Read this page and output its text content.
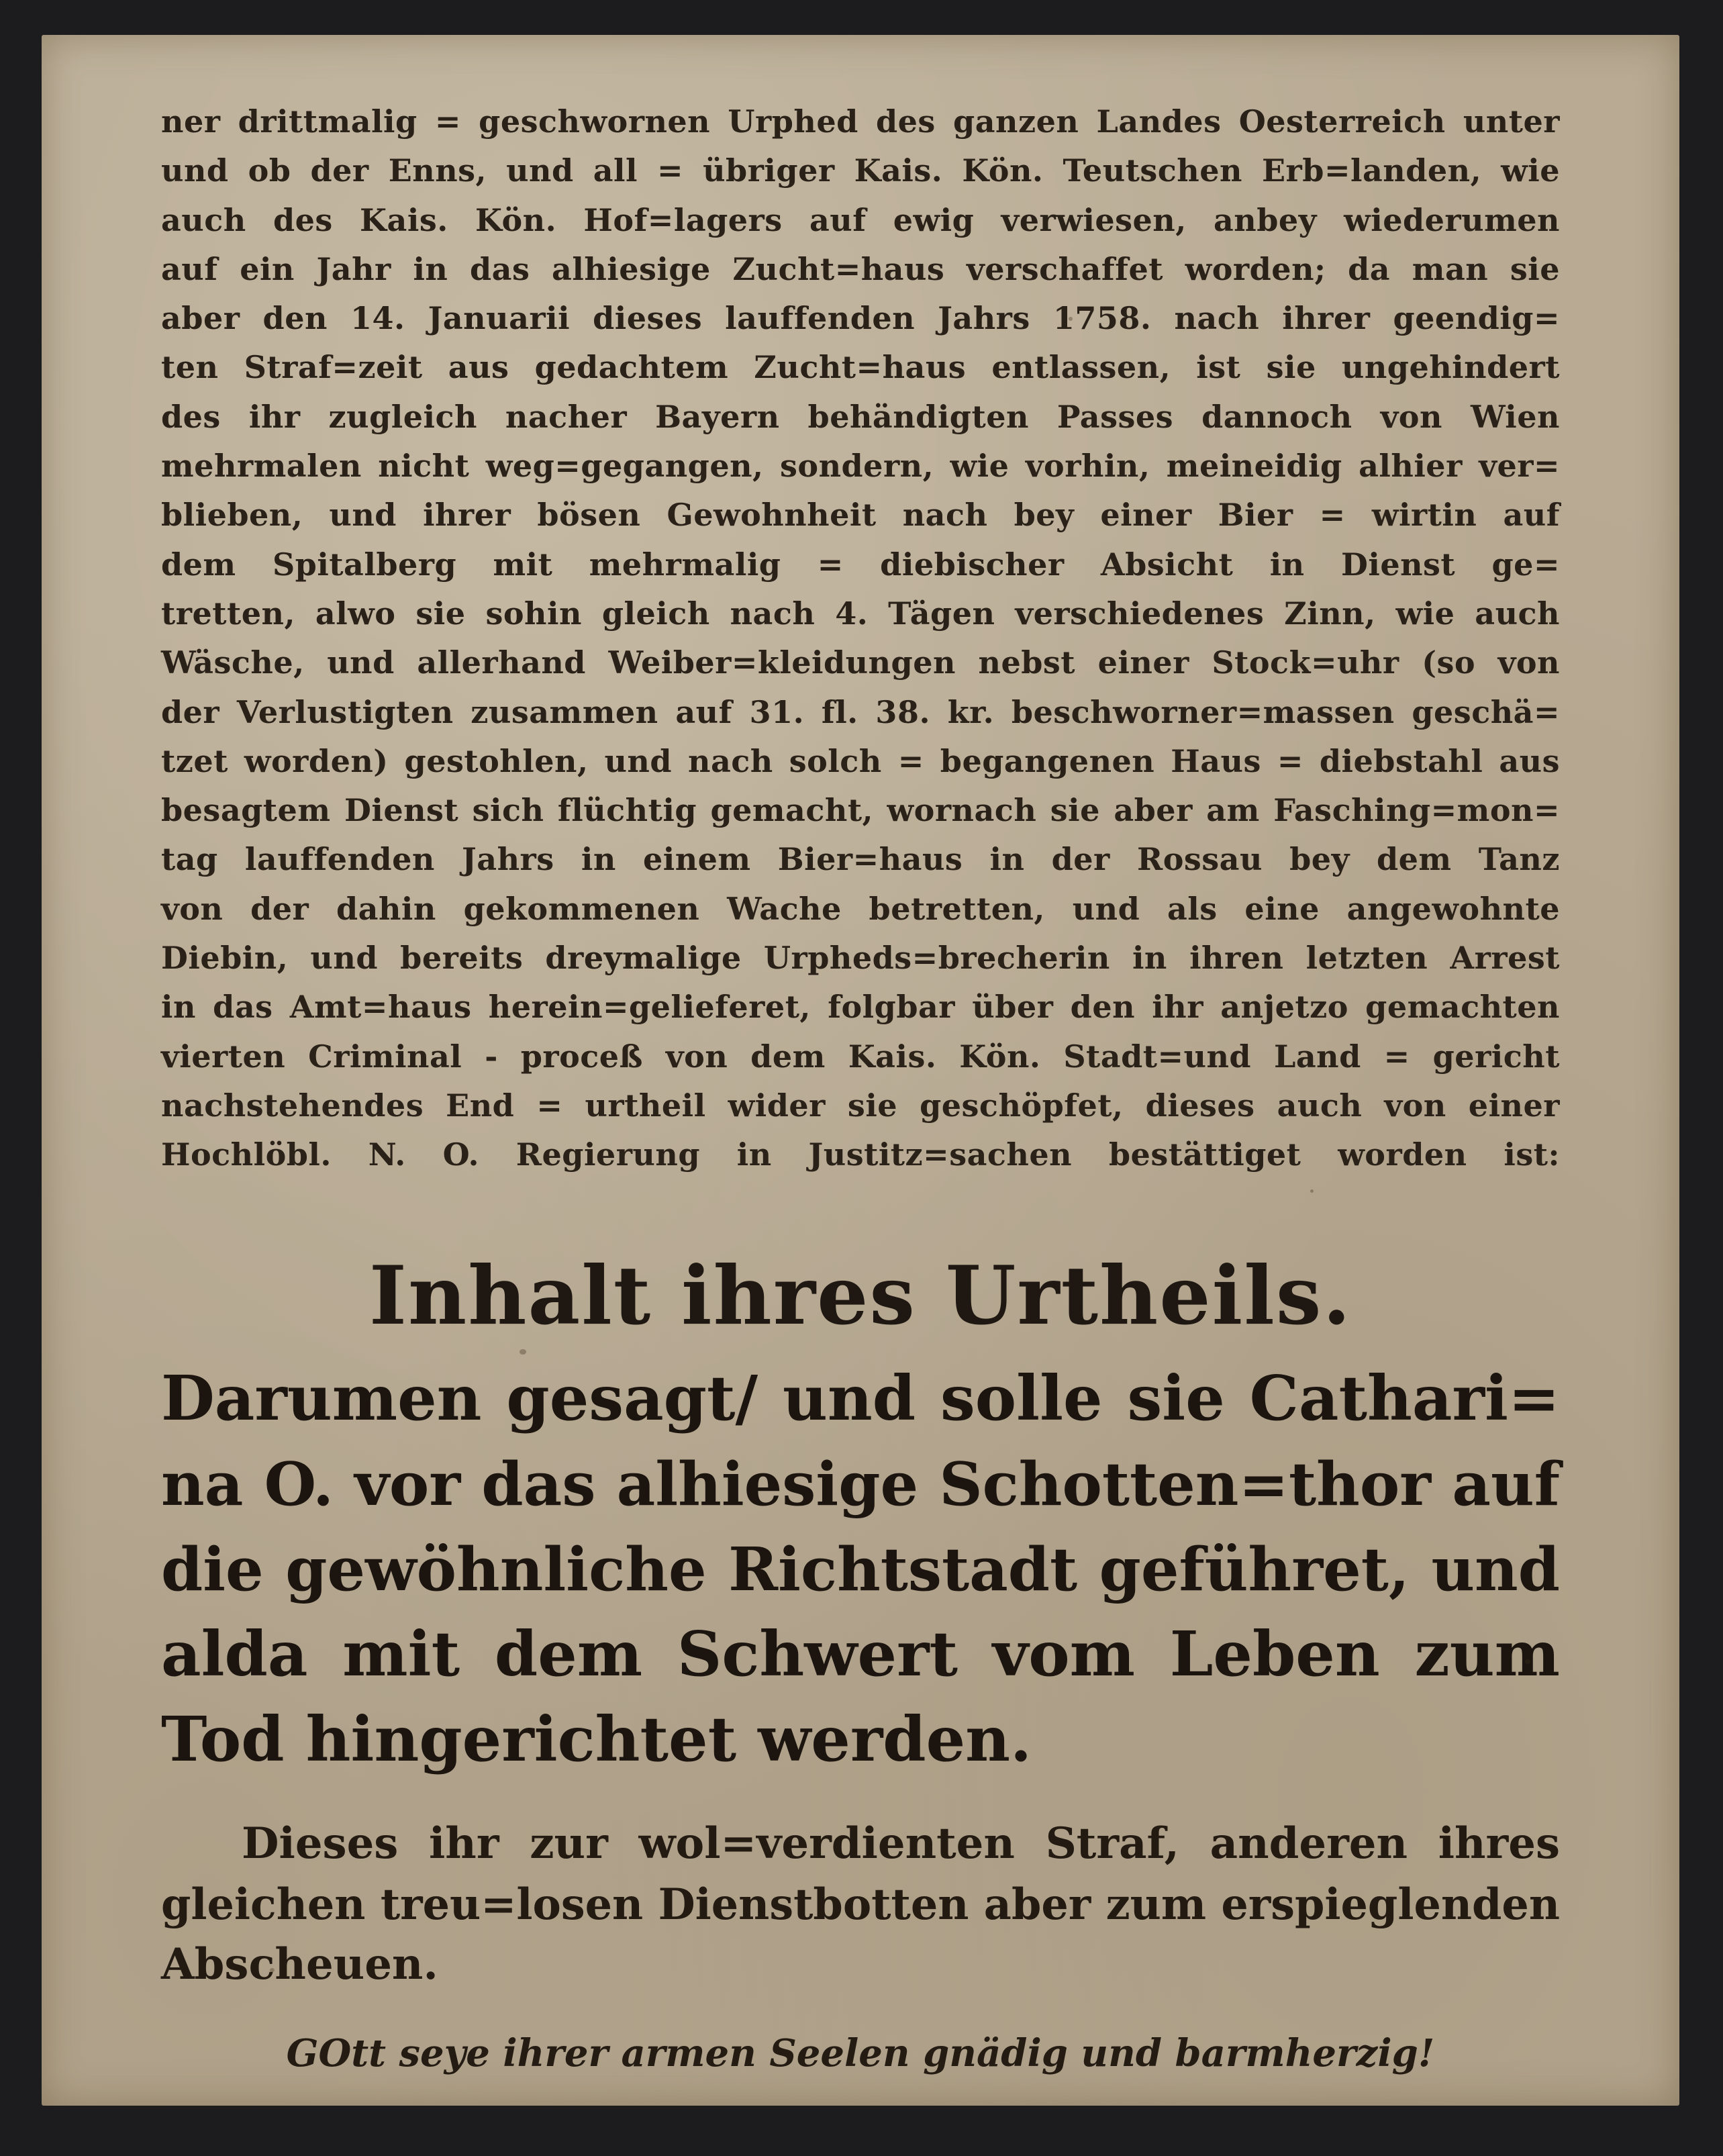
ner drittmalig = geschwornen Urphed des ganzen Landes Oesterreich unter
und ob der Enns, und all = übriger Kais. Kön. Teutschen Erb=landen, wie
auch des Kais. Kön. Hof=lagers auf ewig verwiesen, anbey wiederumen
auf ein Jahr in das alhiesige Zucht=haus verschaffet worden; da man sie
aber den 14. Januarii dieses lauffenden Jahrs 1758. nach ihrer geendig=
ten Straf=zeit aus gedachtem Zucht=haus entlassen, ist sie ungehindert
des ihr zugleich nacher Bayern behändigten Passes dannoch von Wien
mehrmalen nicht weg=gegangen, sondern, wie vorhin, meineidig alhier ver=
blieben, und ihrer bösen Gewohnheit nach bey einer Bier = wirtin auf
dem Spitalberg mit mehrmalig = diebischer Absicht in Dienst ge=
tretten, alwo sie sohin gleich nach 4. Tägen verschiedenes Zinn, wie auch
Wäsche, und allerhand Weiber=kleidungen nebst einer Stock=uhr (so von
der Verlustigten zusammen auf 31. fl. 38. kr. beschworner=massen geschä=
tzet worden) gestohlen, und nach solch = begangenen Haus = diebstahl aus
besagtem Dienst sich flüchtig gemacht, wornach sie aber am Fasching=mon=
tag lauffenden Jahrs in einem Bier=haus in der Rossau bey dem Tanz
von der dahin gekommenen Wache betretten, und als eine angewohnte
Diebin, und bereits dreymalige Urpheds=brecherin in ihren letzten Arrest
in das Amt=haus herein=gelieferet, folgbar über den ihr anjetzo gemachten
vierten Criminal - proceß von dem Kais. Kön. Stadt=und Land = gericht
nachstehendes End = urtheil wider sie geschöpfet, dieses auch von einer
Hochlöbl. N. O. Regierung in Justitz=sachen bestättiget worden ist:
Inhalt ihres Urtheils.
Darumen gesagt/ und solle sie Cathari=
na O. vor das alhiesige Schotten=thor auf
die gewöhnliche Richtstadt geführet, und
alda mit dem Schwert vom Leben zum
Tod hingerichtet werden.
Dieses ihr zur wol=verdienten Straf, anderen ihres
gleichen treu=losen Dienstbotten aber zum erspieglenden
Abscheuen.
GOtt seye ihrer armen Seelen gnädig und barmherzig!
